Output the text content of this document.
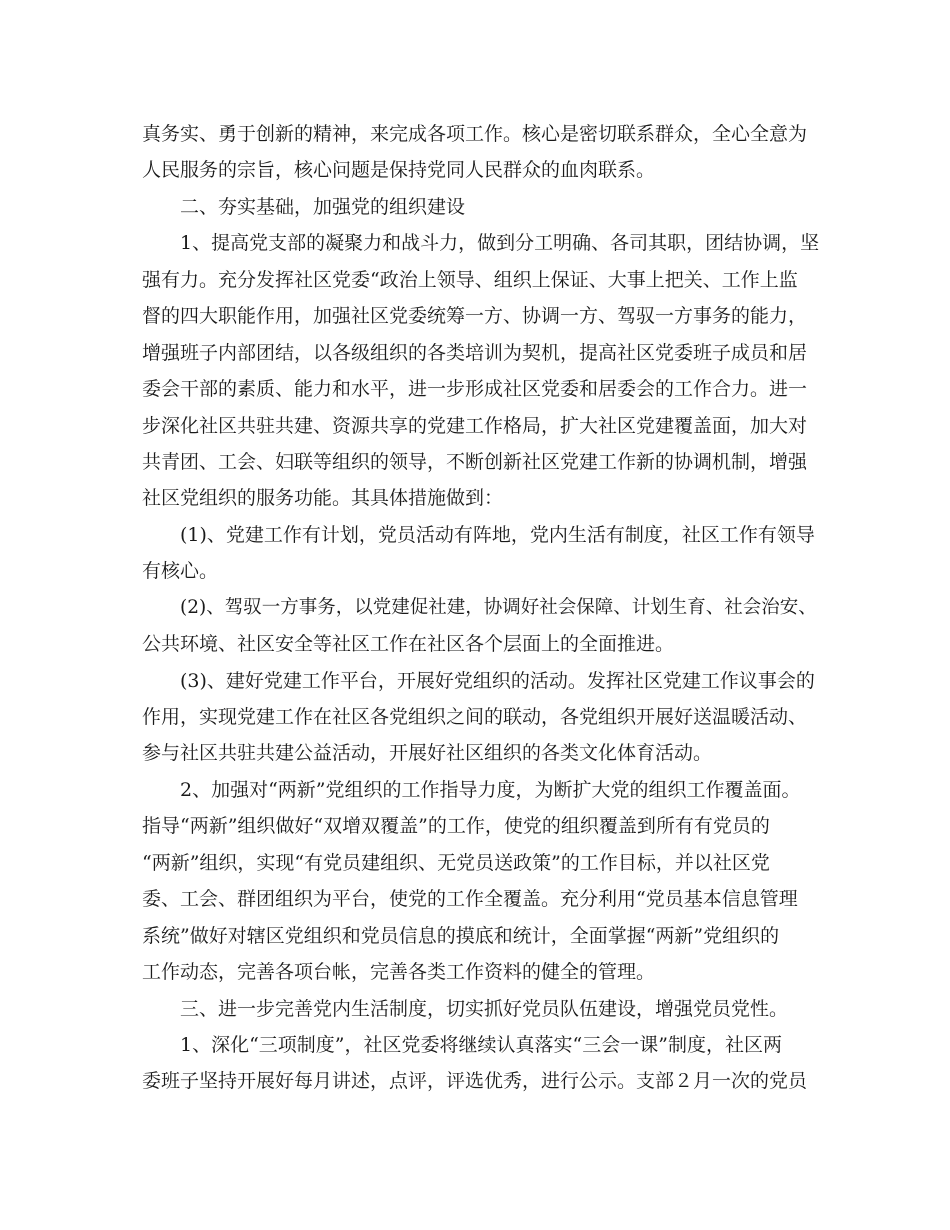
真务实、勇于创新的精神，来完成各项工作。核心是密切联系群众，全心全意为
人民服务的宗旨，核心问题是保持党同人民群众的血肉联系。
二、夯实基础，加强党的组织建设
1、提高党支部的凝聚力和战斗力，做到分工明确、各司其职，团结协调，坚
强有力。充分发挥社区党委“政治上领导、组织上保证、大事上把关、工作上监
督的四大职能作用，加强社区党委统筹一方、协调一方、驾驭一方事务的能力，
增强班子内部团结，以各级组织的各类培训为契机，提高社区党委班子成员和居
委会干部的素质、能力和水平，进一步形成社区党委和居委会的工作合力。进一
步深化社区共驻共建、资源共享的党建工作格局，扩大社区党建覆盖面，加大对
共青团、工会、妇联等组织的领导，不断创新社区党建工作新的协调机制，增强
社区党组织的服务功能。其具体措施做到：
(1)、党建工作有计划，党员活动有阵地，党内生活有制度，社区工作有领导
有核心。
(2)、驾驭一方事务，以党建促社建，协调好社会保障、计划生育、社会治安、
公共环境、社区安全等社区工作在社区各个层面上的全面推进。
(3)、建好党建工作平台，开展好党组织的活动。发挥社区党建工作议事会的
作用，实现党建工作在社区各党组织之间的联动，各党组织开展好送温暖活动、
参与社区共驻共建公益活动，开展好社区组织的各类文化体育活动。
2、加强对“两新”党组织的工作指导力度，为断扩大党的组织工作覆盖面。
指导“两新”组织做好“双增双覆盖”的工作，使党的组织覆盖到所有有党员的
“两新”组织，实现“有党员建组织、无党员送政策”的工作目标，并以社区党
委、工会、群团组织为平台，使党的工作全覆盖。充分利用“党员基本信息管理
系统”做好对辖区党组织和党员信息的摸底和统计，全面掌握“两新”党组织的
工作动态，完善各项台帐，完善各类工作资料的健全的管理。
三、进一步完善党内生活制度，切实抓好党员队伍建设，增强党员党性。
1、深化“三项制度”，社区党委将继续认真落实“三会一课”制度，社区两
委班子坚持开展好每月讲述，点评，评选优秀，进行公示。支部２月一次的党员
